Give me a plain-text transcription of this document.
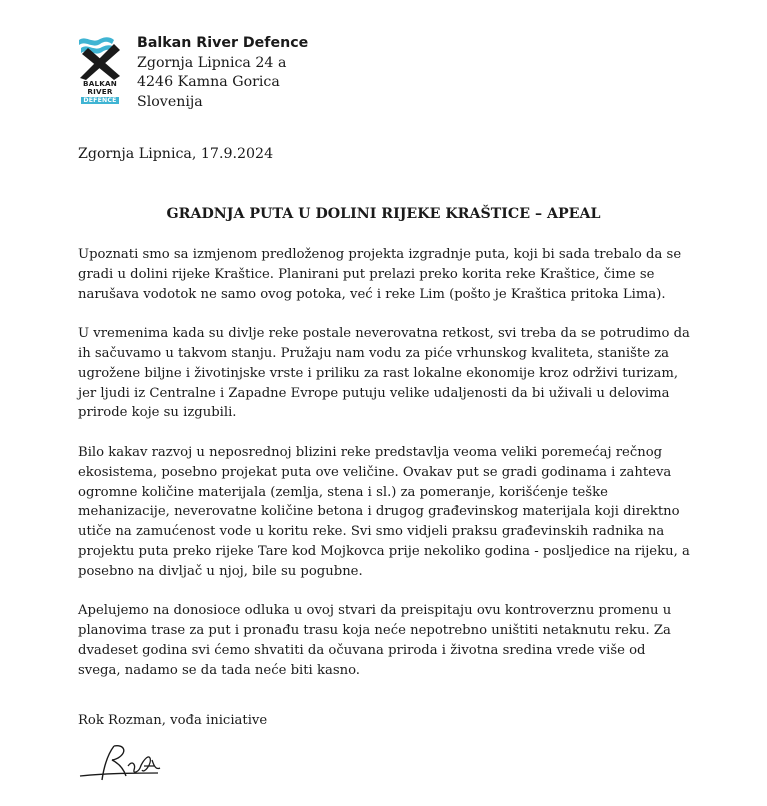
BALKAN
RIVER
DEFENCE
Balkan River Defence
Zgornja Lipnica 24 a
4246 Kamna Gorica
Slovenija
Zgornja Lipnica, 17.9.2024
GRADNJA PUTA U DOLINI RIJEKE KRAŠTICE – APEAL

Upoznati smo sa izmjenom predloženog projekta izgradnje puta, koji bi sada trebalo da se gradi u dolini rijeke Kraštice. Planirani put prelazi preko korita reke Kraštice, čime se narušava vodotok ne samo ovog potoka, već i reke Lim (pošto je Kraštica pritoka Lima).

U vremenima kada su divlje reke postale neverovatna retkost, svi treba da se potrudimo da ih sačuvamo u takvom stanju. Pružaju nam vodu za piće vrhunskog kvaliteta, stanište za ugrožene biljne i životinjske vrste i priliku za rast lokalne ekonomije kroz održivi turizam, jer ljudi iz Centralne i Zapadne Evrope putuju velike udaljenosti da bi uživali u delovima prirode koje su izgubili.

Bilo kakav razvoj u neposrednoj blizini reke predstavlja veoma veliki poremećaj rečnog ekosistema, posebno projekat puta ove veličine. Ovakav put se gradi godinama i zahteva ogromne količine materijala (zemlja, stena i sl.) za pomeranje, korišćenje teške mehanizacije, neverovatne količine betona i drugog građevinskog materijala koji direktno utiče na zamućenost vode u koritu reke. Svi smo vidjeli praksu građevinskih radnika na projektu puta preko rijeke Tare kod Mojkovca prije nekoliko godina - posljedice na rijeku, a posebno na divljač u njoj, bile su pogubne.

Apelujemo na donosioce odluka u ovoj stvari da preispitaju ovu kontroverznu promenu u planovima trase za put i pronađu trasu koja neće nepotrebno uništiti netaknutu reku. Za dvadeset godina svi ćemo shvatiti da očuvana priroda i životna sredina vrede više od svega, nadamo se da tada neće biti kasno.

Rok Rozman, vođa iniciative
